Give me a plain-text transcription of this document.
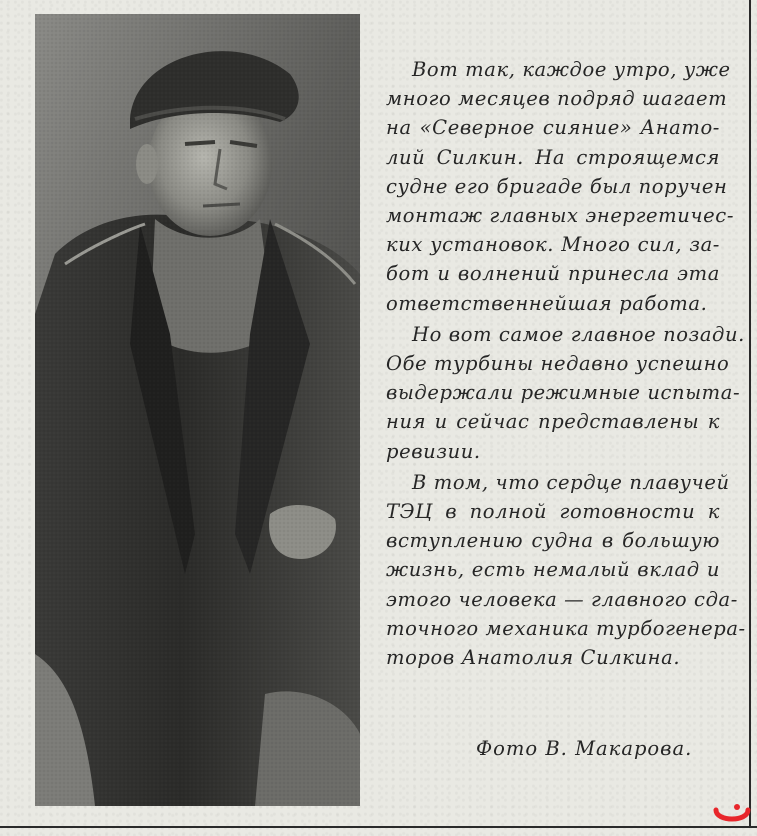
Вот так, каждое утро, уже
много месяцев подряд шагает
на «Северное сияние» Анато-
лий Силкин. На строящемся
судне его бригаде был поручен
монтаж главных энергетичес-
ких установок. Много сил, за-
бот и волнений принесла эта
ответственнейшая работа.

Но вот самое главное позади.
Обе турбины недавно успешно
выдержали режимные испыта-
ния и сейчас представлены к
ревизии.

В том, что сердце плавучей
ТЭЦ в полной готовности к
вступлению судна в большую
жизнь, есть немалый вклад и
этого человека — главного сда-
точного механика турбогенера-
торов Анатолия Силкина.

Фото В. Макарова.
